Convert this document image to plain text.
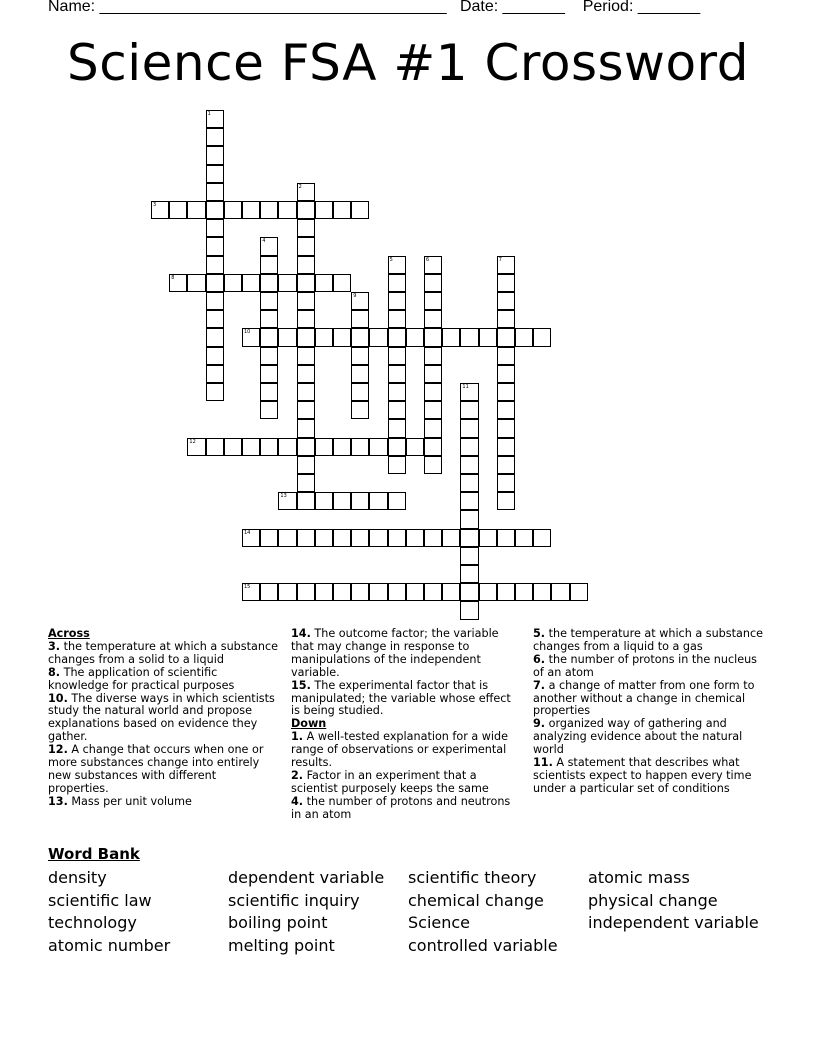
Name: _______________________________________   Date: _______    Period: _______
Science FSA #1 Crossword
1
2
3
4
5	6	7
8
9
10
11
12
13
14
15
Across
3. the temperature at which a substance changes from a solid to a liquid
8. The application of scientific knowledge for practical purposes
10. The diverse ways in which scientists study the natural world and propose explanations based on evidence they gather.
12. A change that occurs when one or more substances change into entirely new substances with different properties.
13. Mass per unit volume
14. The outcome factor; the variable that may change in response to manipulations of the independent variable.
15. The experimental factor that is manipulated; the variable whose effect is being studied.
Down
1. A well-tested explanation for a wide range of observations or experimental results.
2. Factor in an experiment that a scientist purposely keeps the same
4. the number of protons and neutrons in an atom
5. the temperature at which a substance changes from a liquid to a gas
6. the number of protons in the nucleus of an atom
7. a change of matter from one form to another without a change in chemical properties
9. organized way of gathering and analyzing evidence about the natural world
11. A statement that describes what scientists expect to happen every time under a particular set of conditions
Word Bank
density
scientific law
technology
atomic number
dependent variable
scientific inquiry
boiling point
melting point
scientific theory
chemical change
Science
controlled variable
atomic mass
physical change
independent variable
